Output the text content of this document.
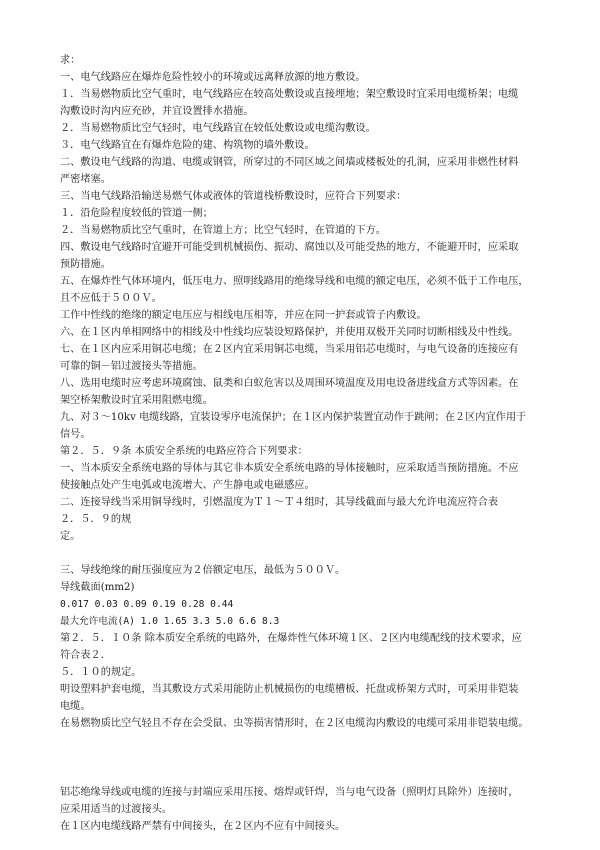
求：
一、电气线路应在爆炸危险性较小的环境或远离释放源的地方敷设。
１．当易燃物质比空气重时，电气线路应在较高处敷设或直接埋地；架空敷设时宜采用电缆桥架；电缆
沟敷设时沟内应充砂，并宜设置排水措施。
２．当易燃物质比空气轻时，电气线路宜在较低处敷设或电缆沟敷设。
３．电气线路宜在有爆炸危险的建、构筑物的墙外敷设。
二、敷设电气线路的沟道、电缆或钢管，所穿过的不同区域之间墙或楼板处的孔洞，应采用非燃性材料
严密堵塞。
三、当电气线路沿输送易燃气体或液体的管道栈桥敷设时，应符合下列要求：
１．沿危险程度较低的管道一侧；
２．当易燃物质比空气重时，在管道上方；比空气轻时，在管道的下方。
四、敷设电气线路时宜避开可能受到机械损伤、振动、腐蚀以及可能受热的地方，不能避开时，应采取
预防措施。
五、在爆炸性气体环境内，低压电力、照明线路用的绝缘导线和电缆的额定电压，必须不低于工作电压，
且不应低于５００Ｖ。
工作中性线的绝缘的额定电压应与相线电压相等，并应在同一护套或管子内敷设。
六、在１区内单相网络中的相线及中性线均应装设短路保护，并使用双极开关同时切断相线及中性线。
七、在１区内应采用铜芯电缆；在２区内宜采用铜芯电缆，当采用铝芯电缆时，与电气设备的连接应有
可靠的铜－铝过渡接头等措施。
八、选用电缆时应考虑环境腐蚀、鼠类和白蚁危害以及周围环境温度及用电设备进线盒方式等因素。在
架空桥架敷设时宜采用阻燃电缆。
九、对３～10kv 电缆线路，宜装设零序电流保护；在１区内保护装置宜动作于跳闸；在２区内宜作用于
信号。
第２．５．９条 本质安全系统的电路应符合下列要求：
一、当本质安全系统电路的导体与其它非本质安全系统电路的导体接触时，应采取适当预防措施。不应
使接触点处产生电弧或电流增大、产生静电或电磁感应。
二、连接导线当采用铜导线时，引燃温度为Ｔ１～Ｔ４组时，其导线截面与最大允许电流应符合表
２．５．９的规
定。
三、导线绝缘的耐压强度应为２倍额定电压，最低为５００Ｖ。
导线截面(mm2)
0.017 0.03 0.09 0.19 0.28 0.44
最大允许电流(A) 1.0 1.65 3.3 5.0 6.6 8.3
第２．５．１０条 除本质安全系统的电路外，在爆炸性气体环境１区、２区内电缆配线的技术要求，应
符合表２．
５．１０的规定。
明设塑料护套电缆，当其敷设方式采用能防止机械损伤的电缆槽板、托盘或桥架方式时，可采用非铠装
电缆。
在易燃物质比空气轻且不存在会受鼠、虫等损害情形时，在２区电缆沟内敷设的电缆可采用非铠装电缆。
铝芯绝缘导线或电缆的连接与封端应采用压接、熔焊或钎焊，当与电气设备（照明灯具除外）连接时，
应采用适当的过渡接头。
在１区内电缆线路严禁有中间接头，在２区内不应有中间接头。
